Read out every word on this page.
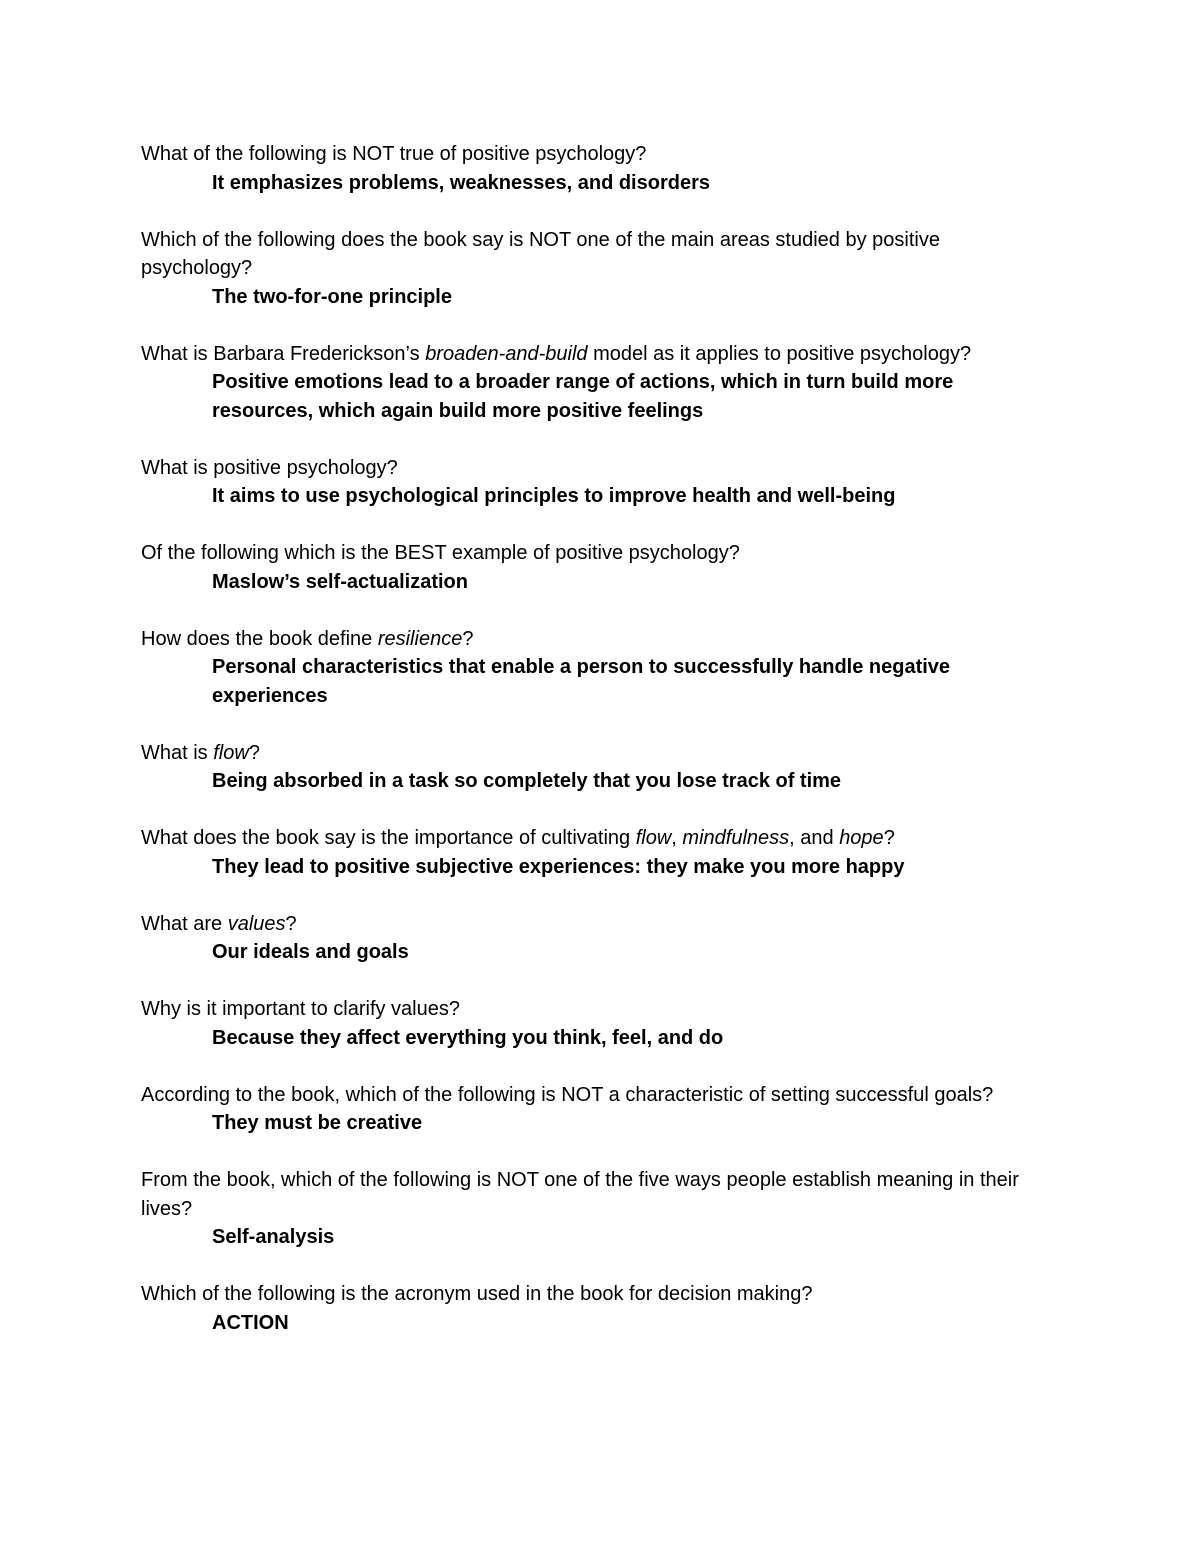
What of the following is NOT true of positive psychology?

It emphasizes problems, weaknesses, and disorders

Which of the following does the book say is NOT one of the main areas studied by positive psychology?

The two-for-one principle

What is Barbara Frederickson’s broaden-and-build model as it applies to positive psychology?

Positive emotions lead to a broader range of actions, which in turn build more resources, which again build more positive feelings

What is positive psychology?

It aims to use psychological principles to improve health and well-being

Of the following which is the BEST example of positive psychology?

Maslow’s self-actualization

How does the book define resilience?

Personal characteristics that enable a person to successfully handle negative experiences

What is flow?

Being absorbed in a task so completely that you lose track of time

What does the book say is the importance of cultivating flow, mindfulness, and hope?

They lead to positive subjective experiences: they make you more happy

What are values?

Our ideals and goals

Why is it important to clarify values?

Because they affect everything you think, feel, and do

According to the book, which of the following is NOT a characteristic of setting successful goals?

They must be creative

From the book, which of the following is NOT one of the five ways people establish meaning in their lives?

Self-analysis

Which of the following is the acronym used in the book for decision making?

ACTION
